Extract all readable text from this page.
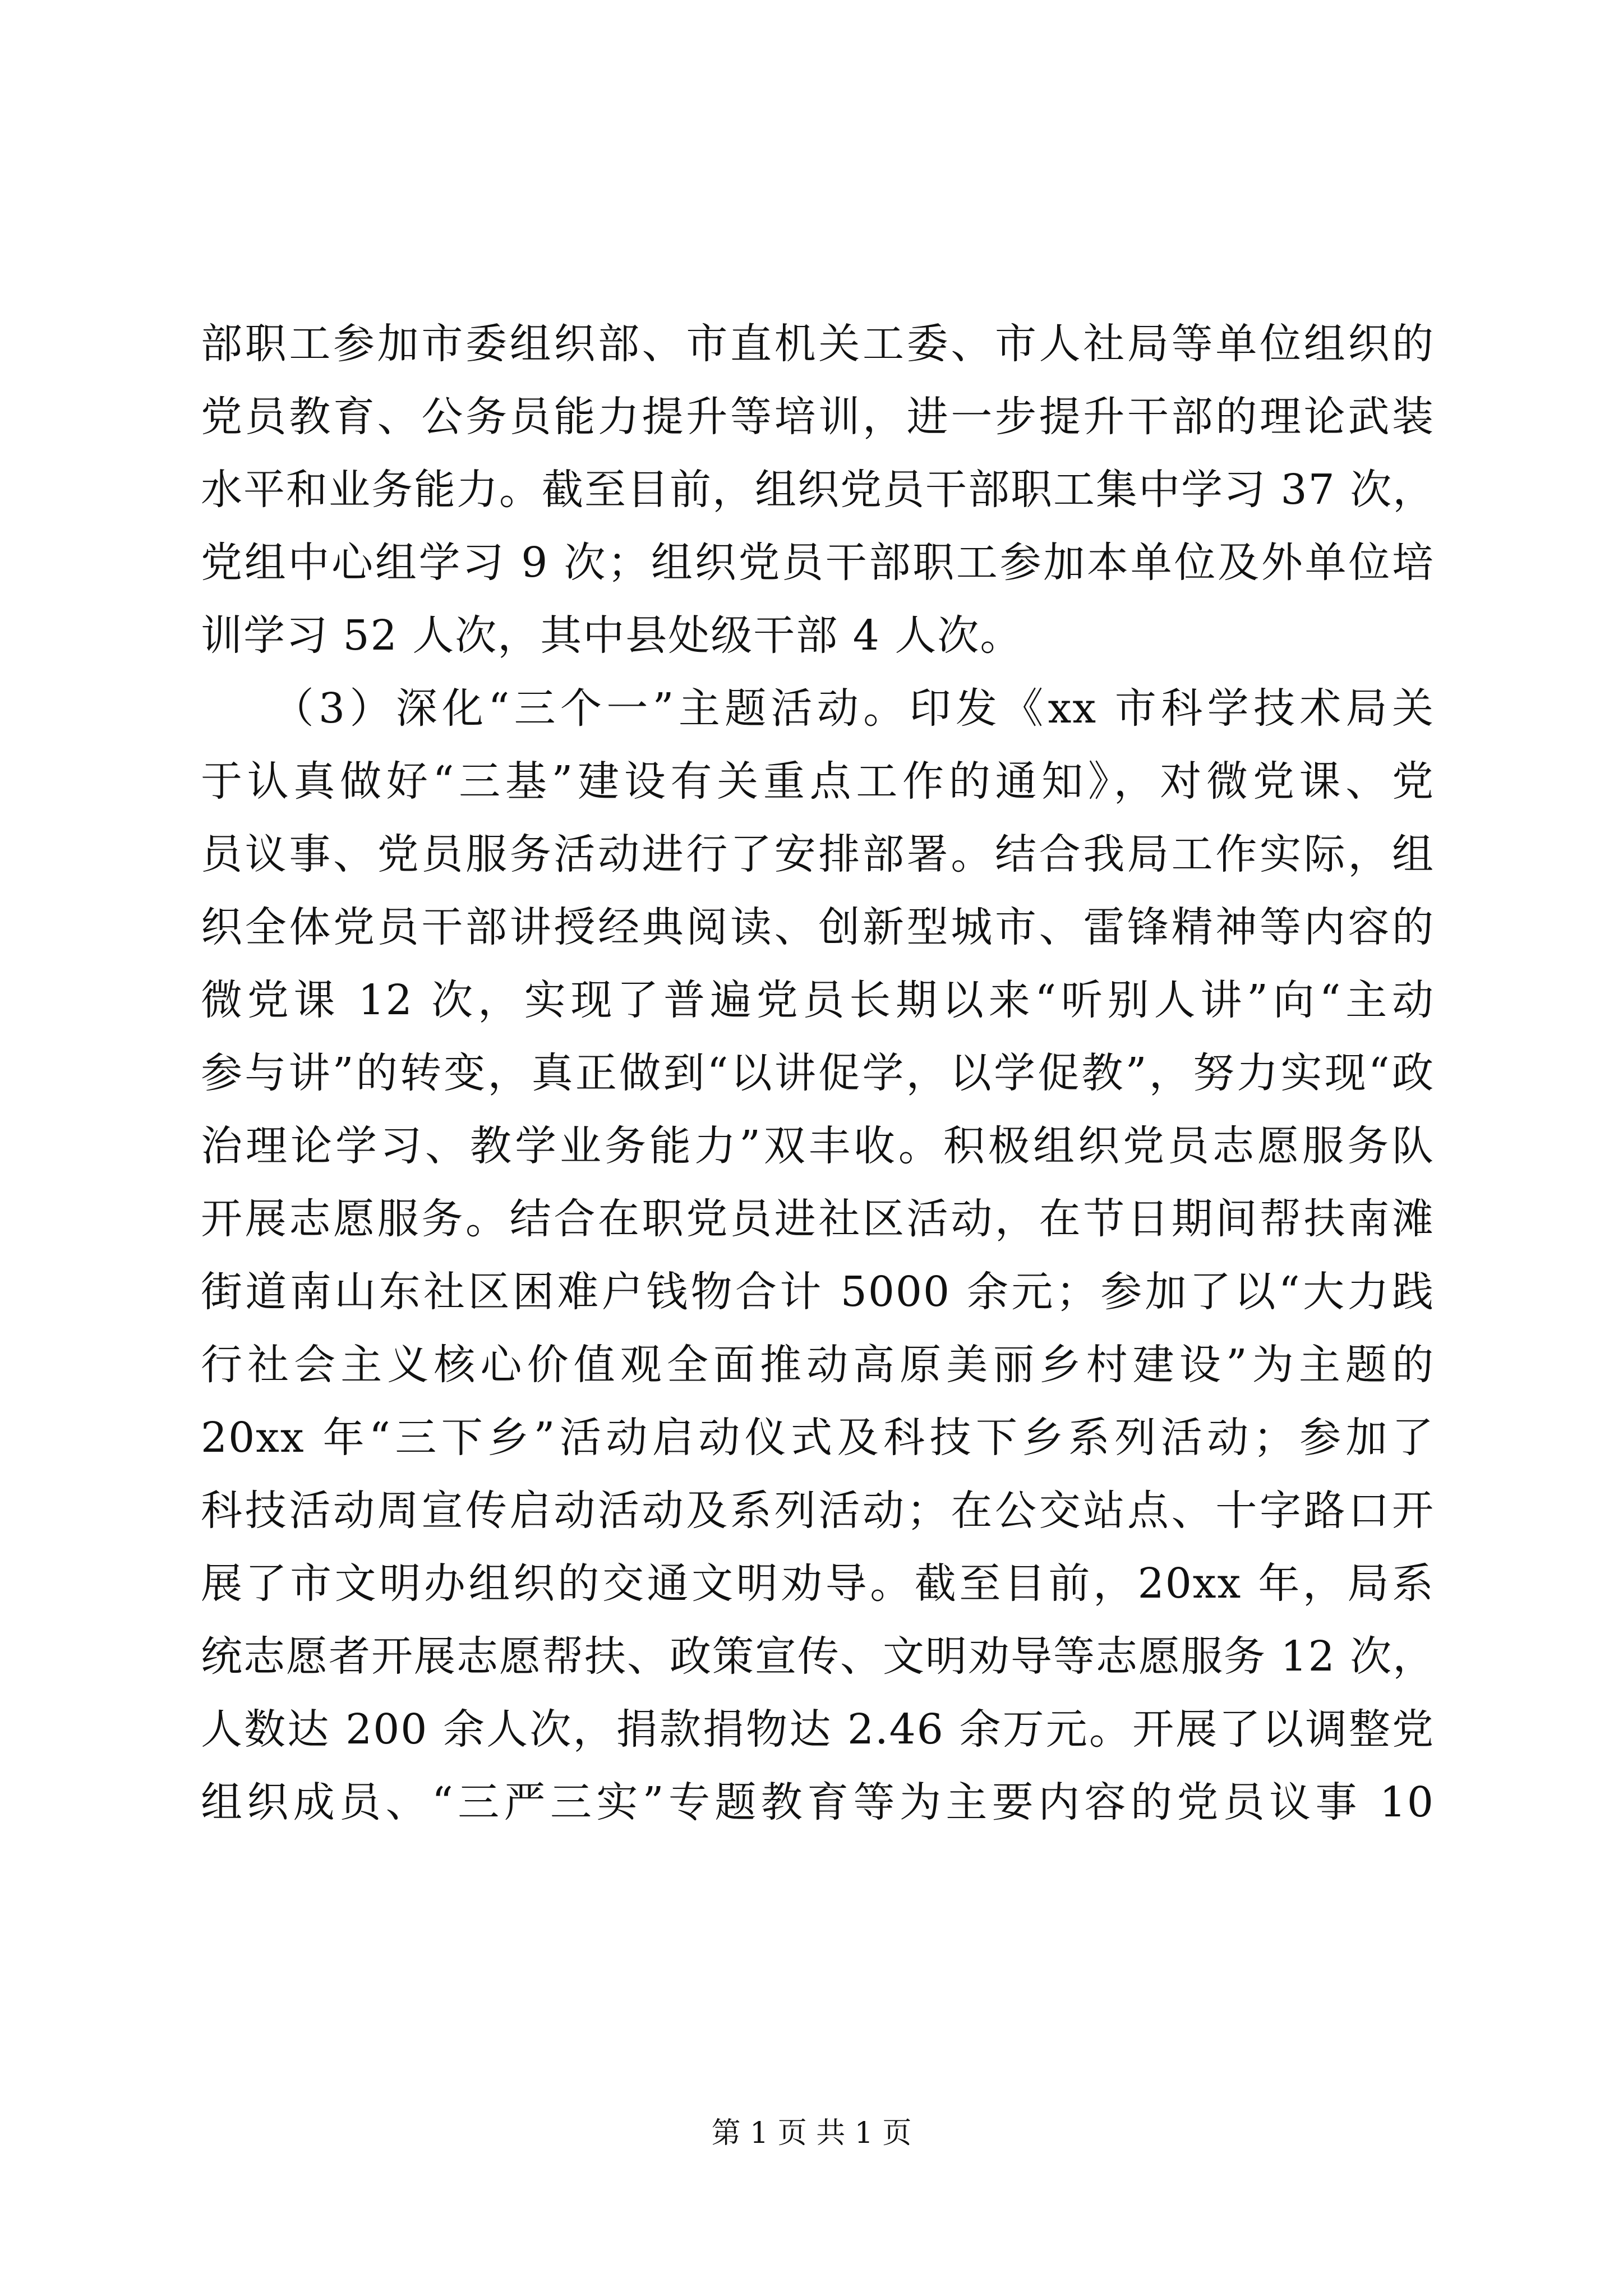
部职工参加市委组织部、市直机关工委、市人社局等单位组织的
党员教育、公务员能力提升等培训，进一步提升干部的理论武装
水平和业务能力。截至目前，组织党员干部职工集中学习 37 次，
党组中心组学习 9 次；组织党员干部职工参加本单位及外单位培
训学习 52 人次，其中县处级干部 4 人次。
　　（3）深化“三个一”主题活动。印发《xx 市科学技术局关
于认真做好“三基”建设有关重点工作的通知》，对微党课、党
员议事、党员服务活动进行了安排部署。结合我局工作实际，组
织全体党员干部讲授经典阅读、创新型城市、雷锋精神等内容的
微党课 12 次，实现了普遍党员长期以来“听别人讲”向“主动
参与讲”的转变，真正做到“以讲促学，以学促教”，努力实现“政
治理论学习、教学业务能力”双丰收。积极组织党员志愿服务队
开展志愿服务。结合在职党员进社区活动，在节日期间帮扶南滩
街道南山东社区困难户钱物合计 5000 余元；参加了以“大力践
行社会主义核心价值观全面推动高原美丽乡村建设”为主题的
20xx 年“三下乡”活动启动仪式及科技下乡系列活动；参加了
科技活动周宣传启动活动及系列活动；在公交站点、十字路口开
展了市文明办组织的交通文明劝导。截至目前，20xx 年，局系
统志愿者开展志愿帮扶、政策宣传、文明劝导等志愿服务 12 次，
人数达 200 余人次，捐款捐物达 2.46 余万元。开展了以调整党
组织成员、“三严三实”专题教育等为主要内容的党员议事 10
第 1 页 共 1 页
